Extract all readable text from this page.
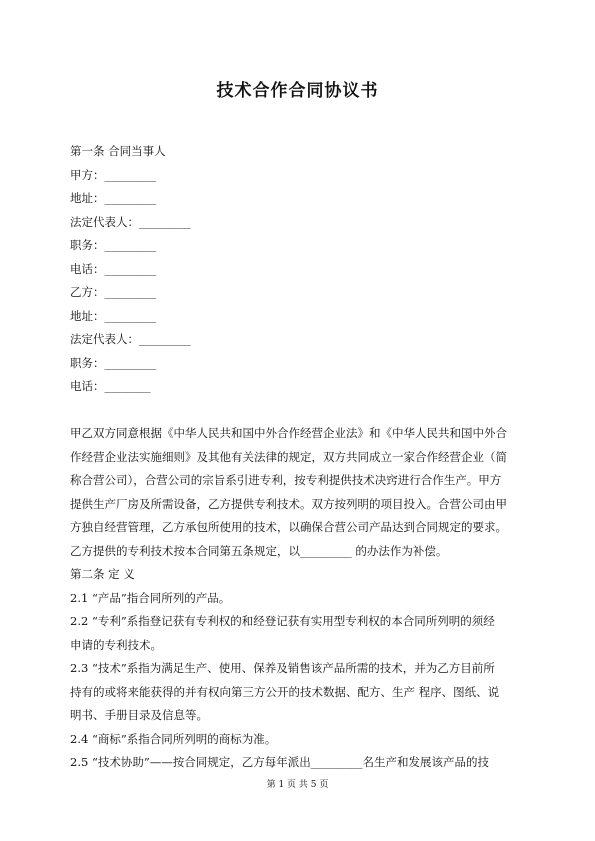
技术合作合同协议书
第一条 合同当事人
甲方：_________
地址：_________
法定代表人：_________
职务：_________
电话：_________
乙方：_________
地址：_________
法定代表人：_________
职务：_________
电话：________
甲乙双方同意根据《中华人民共和国中外合作经营企业法》和《中华人民共和国中外合
作经营企业法实施细则》及其他有关法律的规定，双方共同成立一家合作经营企业（简
称合营公司），合营公司的宗旨系引进专利，按专利提供技术决窍进行合作生产。甲方
提供生产厂房及所需设备，乙方提供专利技术。双方按列明的项目投入。合营公司由甲
方独自经营管理，乙方承包所使用的技术，以确保合营公司产品达到合同规定的要求。
乙方提供的专利技术按本合同第五条规定，以_________ 的办法作为补偿。
第二条 定 义
2.1 “产品”指合同所列的产品。
2.2 “专利”系指登记获有专利权的和经登记获有实用型专利权的本合同所列明的须经
申请的专利技术。
2.3 “技术”系指为满足生产、使用、保养及销售该产品所需的技术，并为乙方目前所
持有的或将来能获得的并有权向第三方公开的技术数据、配方、生产 程序、图纸、说
明书、手册目录及信息等。
2.4 “商标”系指合同所列明的商标为准。
2.5 “技术协助”——按合同规定，乙方每年派出_________名生产和发展该产品的技
第 1 页 共 5 页
